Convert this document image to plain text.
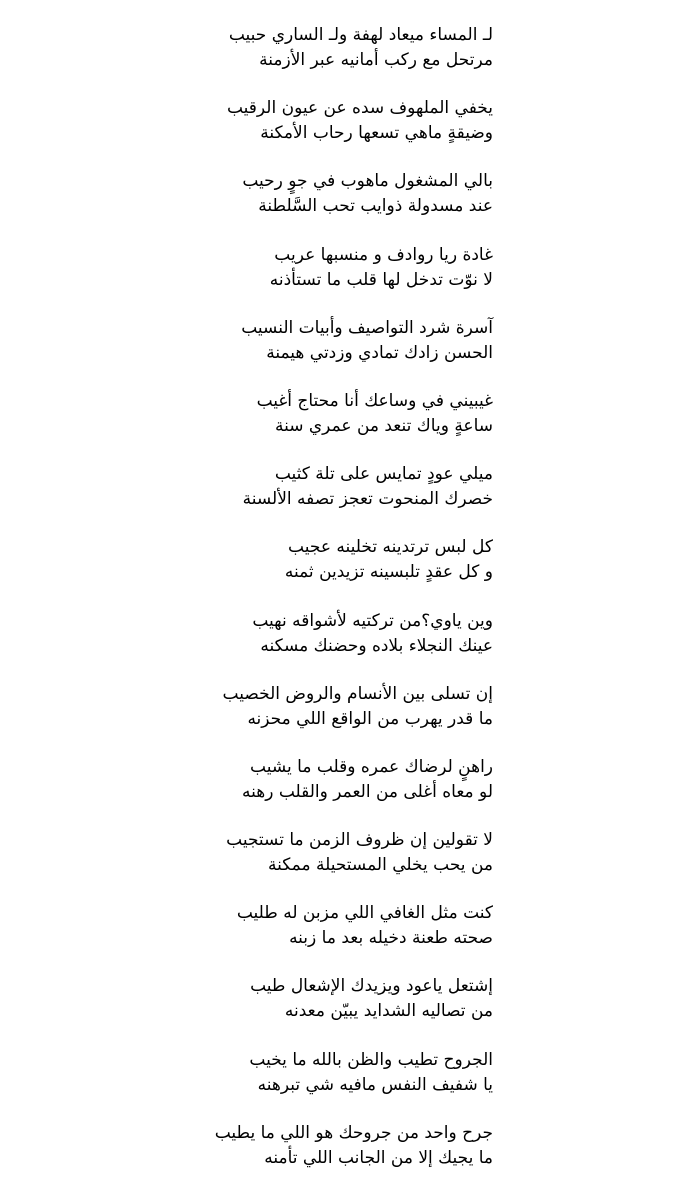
لـ المساء ميعاد لهفة ولـ الساري حبيب
مرتحل مع ركب أمانيه عبر الأزمنة
يخفي الملهوف سده عن عيون الرقيب
وضيقةٍ ماهي تسعها رحاب الأمكنة
بالي المشغول ماهوب في جوٍ رحيب
عند مسدولة ذوايب تحب السَّلطنة
غادة ريا روادف و منسبها عريب
لا نوّت تدخل لها قلب ما تستأذنه
آسرة شرد التواصيف وأبيات النسيب
الحسن زادك تمادي وزدتي هيمنة
غيبيني في وساعك أنا محتاج أغيب
ساعةٍ وياك تنعد من عمري سنة
ميلي عودٍ تمايس على تلة كثيب
خصرك المنحوت تعجز تصفه الألسنة
كل لبس ترتدينه تخلينه عجيب
و كل عقدٍ تلبسينه تزيدين ثمنه
وين ياوي؟من تركتيه لأشواقه نهيب
عينك النجلاء بلاده وحضنك مسكنه
إن تسلى بين الأنسام والروض الخصيب
ما قدر يهرب من الواقع اللي محزنه
راهنٍ لرضاك عمره وقلب ما يشيب
لو معاه أغلى من العمر والقلب رهنه
لا تقولين إن ظروف الزمن ما تستجيب
من يحب يخلي المستحيلة ممكنة
كنت مثل الغافي اللي مزبن له طليب
صحته طعنة دخيله بعد ما زبنه
إشتعل ياعود ويزيدك الإشعال طيب
من تصاليه الشدايد يبيّن معدنه
الجروح تطيب والظن بالله ما يخيب
يا شفيف النفس مافيه شي تبرهنه
جرح واحد من جروحك هو اللي ما يطيب
ما يجيك إلا من الجانب اللي تأمنه
